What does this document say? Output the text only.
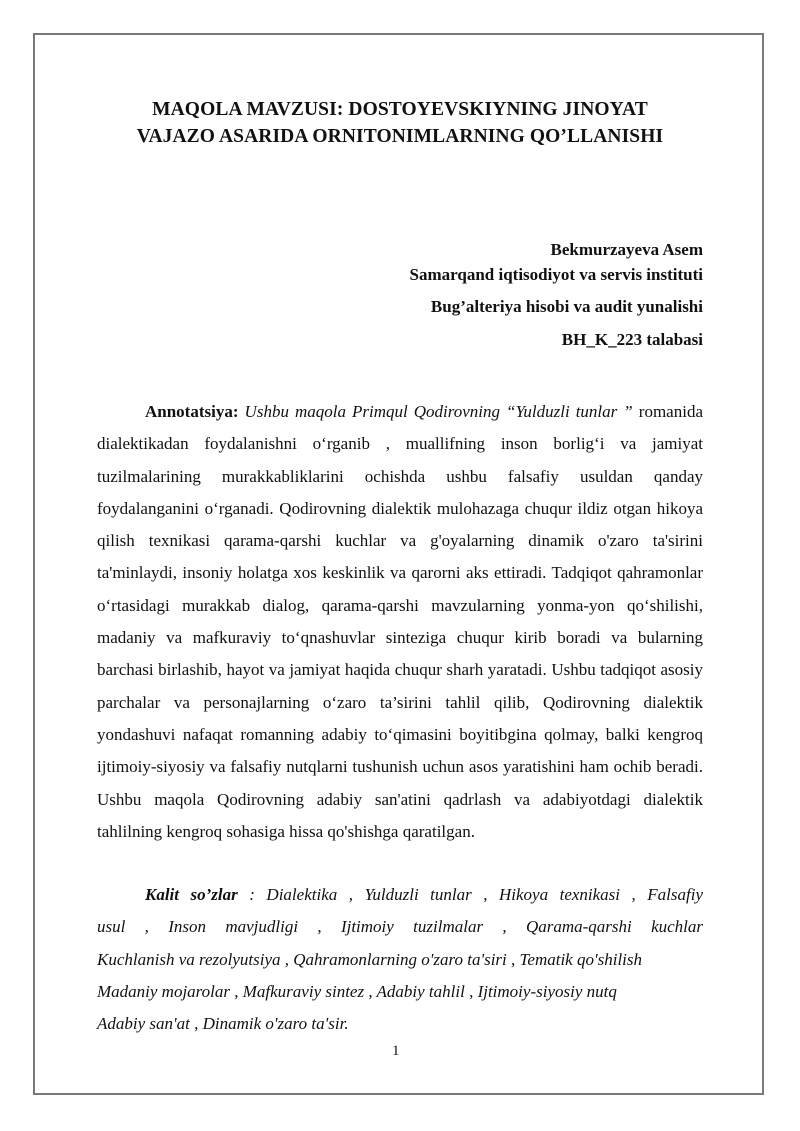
MAQOLA MAVZUSI: DOSTOYEVSKIYNING JINOYAT
VAJAZO ASARIDA ORNITONIMLARNING QO’LLANISHI
Bekmurzayeva Asem
Samarqand iqtisodiyot va servis instituti
Bug’alteriya hisobi va audit yunalishi
BH_K_223 talabasi
Annotatsiya: Ushbu maqola Primqul Qodirovning “Yulduzli tunlar ” romanida dialektikadan foydalanishni o‘rganib , muallifning inson borlig‘i va jamiyat tuzilmalarining murakkabliklarini ochishda ushbu falsafiy usuldan qanday foydalanganini o‘rganadi. Qodirovning dialektik mulohazaga chuqur ildiz otgan hikoya qilish texnikasi qarama-qarshi kuchlar va g'oyalarning dinamik o'zaro ta'sirini ta'minlaydi, insoniy holatga xos keskinlik va qarorni aks ettiradi. Tadqiqot qahramonlar o‘rtasidagi murakkab dialog, qarama-qarshi mavzularning yonma-yon qo‘shilishi, madaniy va mafkuraviy to‘qnashuvlar sinteziga chuqur kirib boradi va bularning barchasi birlashib, hayot va jamiyat haqida chuqur sharh yaratadi. Ushbu tadqiqot asosiy parchalar va personajlarning o‘zaro ta’sirini tahlil qilib, Qodirovning dialektik yondashuvi nafaqat romanning adabiy to‘qimasini boyitibgina qolmay, balki kengroq ijtimoiy-siyosiy va falsafiy nutqlarni tushunish uchun asos yaratishini ham ochib beradi. Ushbu maqola Qodirovning adabiy san'atini qadrlash va adabiyotdagi dialektik tahlilning kengroq sohasiga hissa qo'shishga qaratilgan.
Kalit so’zlar : Dialektika , Yulduzli tunlar , Hikoya texnikasi , Falsafiy
usul , Inson mavjudligi , Ijtimoiy tuzilmalar , Qarama-qarshi kuchlar
Kuchlanish va rezolyutsiya , Qahramonlarning o'zaro ta'siri , Tematik qo'shilish
Madaniy mojarolar , Mafkuraviy sintez , Adabiy tahlil , Ijtimoiy-siyosiy nutq
Adabiy san'at , Dinamik o'zaro ta'sir.
1
